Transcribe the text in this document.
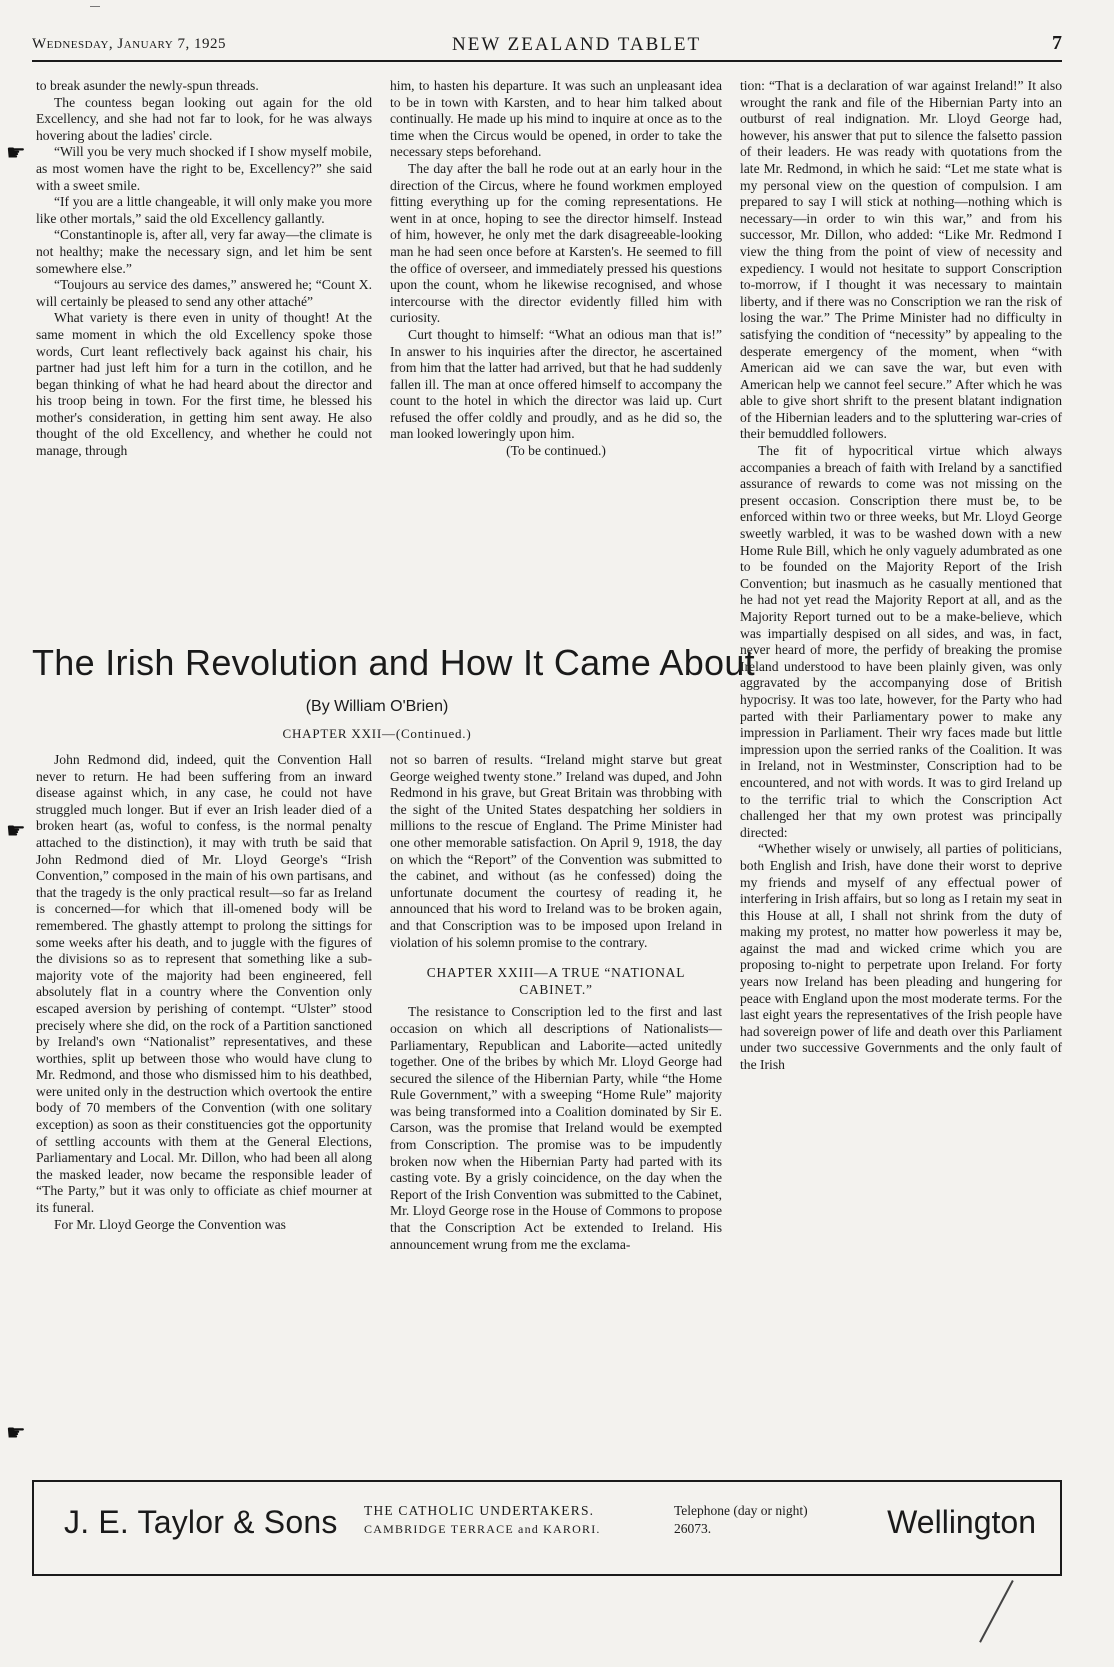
Wednesday, January 7, 1925	NEW ZEALAND TABLET	7

to break asunder the newly-spun threads.

The countess began looking out again for the old Excellency, and she had not far to look, for he was always hovering about the ladies' circle.

“Will you be very much shocked if I show myself mobile, as most women have the right to be, Excellency?” she said with a sweet smile.

“If you are a little changeable, it will only make you more like other mortals,” said the old Excellency gallantly.

“Constantinople is, after all, very far away—the climate is not healthy; make the necessary sign, and let him be sent somewhere else.”

“Toujours au service des dames,” answered he; “Count X. will certainly be pleased to send any other attaché”

What variety is there even in unity of thought! At the same moment in which the old Excellency spoke those words, Curt leant reflectively back against his chair, his partner had just left him for a turn in the cotillon, and he began thinking of what he had heard about the director and his troop being in town. For the first time, he blessed his mother's consideration, in getting him sent away. He also thought of the old Excellency, and whether he could not manage, through

him, to hasten his departure. It was such an unpleasant idea to be in town with Karsten, and to hear him talked about continually. He made up his mind to inquire at once as to the time when the Circus would be opened, in order to take the necessary steps beforehand.

The day after the ball he rode out at an early hour in the direction of the Circus, where he found workmen employed fitting everything up for the coming representations. He went in at once, hoping to see the director himself. Instead of him, however, he only met the dark disagreeable-looking man he had seen once before at Karsten's. He seemed to fill the office of overseer, and immediately pressed his questions upon the count, whom he likewise recognised, and whose intercourse with the director evidently filled him with curiosity.

Curt thought to himself: “What an odious man that is!” In answer to his inquiries after the director, he ascertained from him that the latter had arrived, but that he had suddenly fallen ill. The man at once offered himself to accompany the count to the hotel in which the director was laid up. Curt refused the offer coldly and proudly, and as he did so, the man looked loweringly upon him.

(To be continued.)

The Irish Revolution and How It Came About
(By William O'Brien)
CHAPTER XXII—(Continued.)

John Redmond did, indeed, quit the Convention Hall never to return. He had been suffering from an inward disease against which, in any case, he could not have struggled much longer. But if ever an Irish leader died of a broken heart (as, woful to confess, is the normal penalty attached to the distinction), it may with truth be said that John Redmond died of Mr. Lloyd George's “Irish Convention,” composed in the main of his own partisans, and that the tragedy is the only practical result—so far as Ireland is concerned—for which that ill-omened body will be remembered. The ghastly attempt to prolong the sittings for some weeks after his death, and to juggle with the figures of the divisions so as to represent that something like a sub-majority vote of the majority had been engineered, fell absolutely flat in a country where the Convention only escaped aversion by perishing of contempt. “Ulster” stood precisely where she did, on the rock of a Partition sanctioned by Ireland's own “Nationalist” representatives, and these worthies, split up between those who would have clung to Mr. Redmond, and those who dismissed him to his deathbed, were united only in the destruction which overtook the entire body of 70 members of the Convention (with one solitary exception) as soon as their constituencies got the opportunity of settling accounts with them at the General Elections, Parliamentary and Local. Mr. Dillon, who had been all along the masked leader, now became the responsible leader of “The Party,” but it was only to officiate as chief mourner at its funeral.

For Mr. Lloyd George the Convention was

not so barren of results. “Ireland might starve but great George weighed twenty stone.” Ireland was duped, and John Redmond in his grave, but Great Britain was throbbing with the sight of the United States despatching her soldiers in millions to the rescue of England. The Prime Minister had one other memorable satisfaction. On April 9, 1918, the day on which the “Report” of the Convention was submitted to the cabinet, and without (as he confessed) doing the unfortunate document the courtesy of reading it, he announced that his word to Ireland was to be broken again, and that Conscription was to be imposed upon Ireland in violation of his solemn promise to the contrary.

CHAPTER XXIII—A TRUE “NATIONAL CABINET.”

The resistance to Conscription led to the first and last occasion on which all descriptions of Nationalists—Parliamentary, Republican and Laborite—acted unitedly together. One of the bribes by which Mr. Lloyd George had secured the silence of the Hibernian Party, while “the Home Rule Government,” with a sweeping “Home Rule” majority was being transformed into a Coalition dominated by Sir E. Carson, was the promise that Ireland would be exempted from Conscription. The promise was to be impudently broken now when the Hibernian Party had parted with its casting vote. By a grisly coincidence, on the day when the Report of the Irish Convention was submitted to the Cabinet, Mr. Lloyd George rose in the House of Commons to propose that the Conscription Act be extended to Ireland. His announcement wrung from me the exclama-

tion: “That is a declaration of war against Ireland!” It also wrought the rank and file of the Hibernian Party into an outburst of real indignation. Mr. Lloyd George had, however, his answer that put to silence the falsetto passion of their leaders. He was ready with quotations from the late Mr. Redmond, in which he said: “Let me state what is my personal view on the question of compulsion. I am prepared to say I will stick at nothing—nothing which is necessary—in order to win this war,” and from his successor, Mr. Dillon, who added: “Like Mr. Redmond I view the thing from the point of view of necessity and expediency. I would not hesitate to support Conscription to-morrow, if I thought it was necessary to maintain liberty, and if there was no Conscription we ran the risk of losing the war.” The Prime Minister had no difficulty in satisfying the condition of “necessity” by appealing to the desperate emergency of the moment, when “with American aid we can save the war, but even with American help we cannot feel secure.” After which he was able to give short shrift to the present blatant indignation of the Hibernian leaders and to the spluttering war-cries of their bemuddled followers.

The fit of hypocritical virtue which always accompanies a breach of faith with Ireland by a sanctified assurance of rewards to come was not missing on the present occasion. Conscription there must be, to be enforced within two or three weeks, but Mr. Lloyd George sweetly warbled, it was to be washed down with a new Home Rule Bill, which he only vaguely adumbrated as one to be founded on the Majority Report of the Irish Convention; but inasmuch as he casually mentioned that he had not yet read the Majority Report at all, and as the Majority Report turned out to be a make-believe, which was impartially despised on all sides, and was, in fact, never heard of more, the perfidy of breaking the promise Ireland understood to have been plainly given, was only aggravated by the accompanying dose of British hypocrisy. It was too late, however, for the Party who had parted with their Parliamentary power to make any impression in Parliament. Their wry faces made but little impression upon the serried ranks of the Coalition. It was in Ireland, not in Westminster, Conscription had to be encountered, and not with words. It was to gird Ireland up to the terrific trial to which the Conscription Act challenged her that my own protest was principally directed:

“Whether wisely or unwisely, all parties of politicians, both English and Irish, have done their worst to deprive my friends and myself of any effectual power of interfering in Irish affairs, but so long as I retain my seat in this House at all, I shall not shrink from the duty of making my protest, no matter how powerless it may be, against the mad and wicked crime which you are proposing to-night to perpetrate upon Ireland. For forty years now Ireland has been pleading and hungering for peace with England upon the most moderate terms. For the last eight years the representatives of the Irish people have had sovereign power of life and death over this Parliament under two successive Governments and the only fault of the Irish

☛
☛
☛
J. E. Taylor & Sons THE CATHOLIC UNDERTAKERS.
CAMBRIDGE TERRACE and KARORI.
Telephone (day or night)
26073.	Wellington
